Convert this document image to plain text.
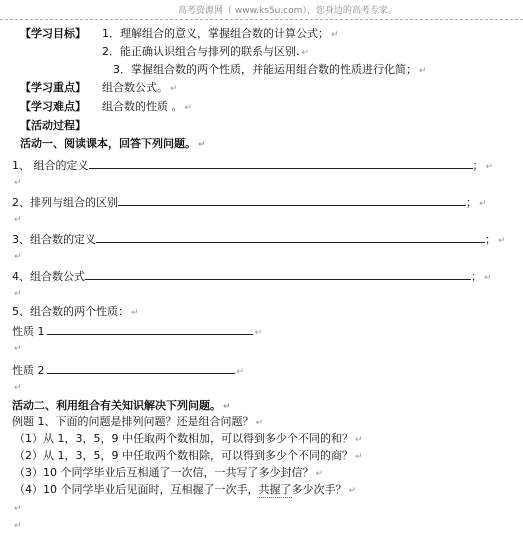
高考资源网（ www.ks5u.com），您身边的高考专家。
【学习目标】 1．理解组合的意义，掌握组合数的计算公式； ↵
2．能正确认识组合与排列的联系与区别. ↵
3．掌握组合数的两个性质，并能运用组合数的性质进行化简； ↵
【学习重点】 组合数公式。 ↵
【学习难点】 组合数的性质 。 ↵
【活动过程】
活动一、阅读课本，回答下列问题。 ↵
1、 组合的定义	； ↵
↵
2、排列与组合的区别	； ↵
↵
3、组合数的定义	； ↵
↵
4、组合数公式	； ↵
↵
5、组合数的两个性质： ↵
性质 1	↵
↵
性质 2	↵
↵
活动二、利用组合有关知识解决下列问题。 ↵
例题 1、下面的问题是排列问题？还是组合问题？ ↵
（1）从 1，3，5，9 中任取两个数相加，可以得到多少个不同的和？ ↵
（2）从 1，3，5，9 中任取两个数相除，可以得到多少个不同的商？ ↵
（3）10 个同学毕业后互相通了一次信，一共写了多少封信？ ↵
（4）10 个同学毕业后见面时，互相握了一次手，共握了多少次手？ ↵
↵
↵
